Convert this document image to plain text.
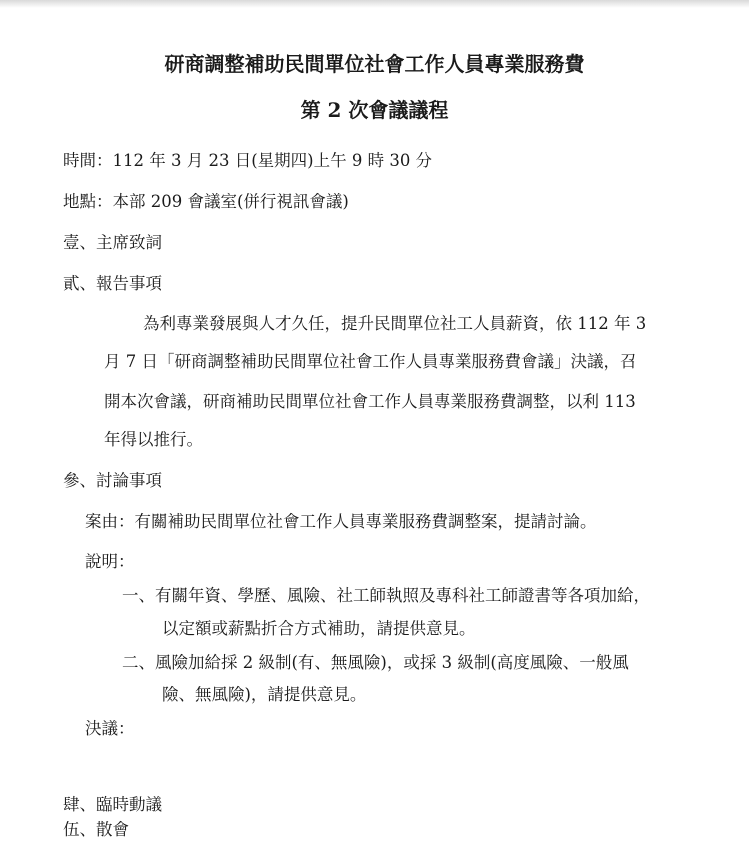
研商調整補助民間單位社會工作人員專業服務費
第 2 次會議議程
時間：112 年 3 月 23 日(星期四)上午 9 時 30 分
地點：本部 209 會議室(併行視訊會議)
壹、主席致詞
貳、報告事項
為利專業發展與人才久任，提升民間單位社工人員薪資，依 112 年 3
月 7 日「研商調整補助民間單位社會工作人員專業服務費會議」決議，召
開本次會議，研商補助民間單位社會工作人員專業服務費調整，以利 113
年得以推行。
參、討論事項
案由：有關補助民間單位社會工作人員專業服務費調整案，提請討論。
說明：
一、有關年資、學歷、風險、社工師執照及專科社工師證書等各項加給，
以定額或薪點折合方式補助，請提供意見。
二、風險加給採 2 級制(有、無風險)，或採 3 級制(高度風險、一般風
險、無風險)，請提供意見。
決議：
肆、臨時動議
伍、散會
